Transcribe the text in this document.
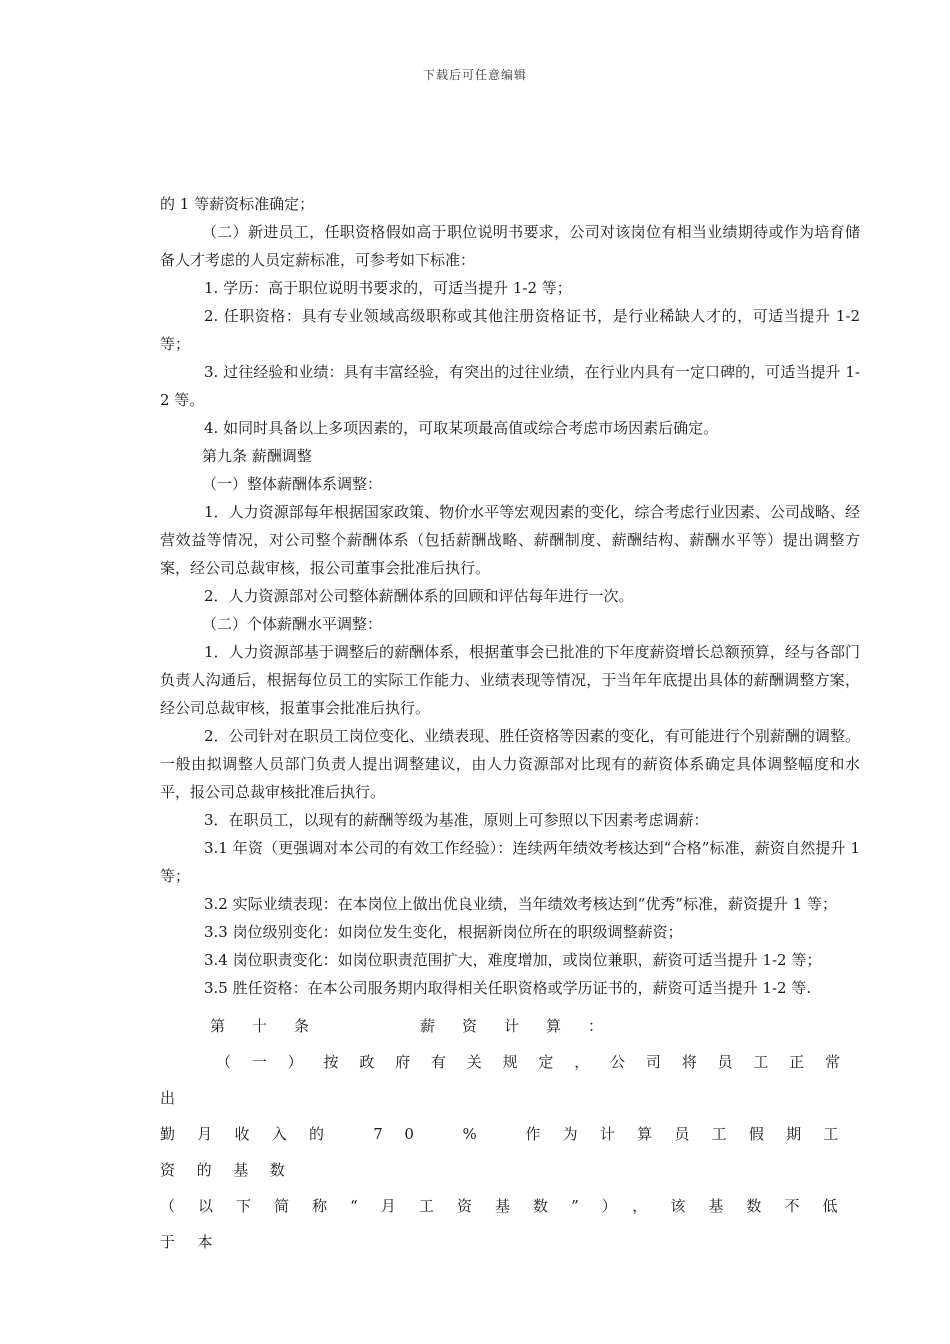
下载后可任意编辑

的 1 等薪资标准确定；

（二）新进员工，任职资格假如高于职位说明书要求，公司对该岗位有相当业绩期待或作为培育储备人才考虑的人员定薪标准，可参考如下标准：

1. 学历：高于职位说明书要求的，可适当提升 1-2 等；

2. 任职资格：具有专业领域高级职称或其他注册资格证书，是行业稀缺人才的，可适当提升 1-2 等；

3. 过往经验和业绩：具有丰富经验，有突出的过往业绩，在行业内具有一定口碑的，可适当提升 1-2 等。

4. 如同时具备以上多项因素的，可取某项最高值或综合考虑市场因素后确定。

第九条 薪酬调整

（一）整体薪酬体系调整：

1．人力资源部每年根据国家政策、物价水平等宏观因素的变化，综合考虑行业因素、公司战略、经营效益等情况，对公司整个薪酬体系（包括薪酬战略、薪酬制度、薪酬结构、薪酬水平等）提出调整方案，经公司总裁审核，报公司董事会批准后执行。

2．人力资源部对公司整体薪酬体系的回顾和评估每年进行一次。

（二）个体薪酬水平调整：

1．人力资源部基于调整后的薪酬体系，根据董事会已批准的下年度薪资增长总额预算，经与各部门负责人沟通后，根据每位员工的实际工作能力、业绩表现等情况，于当年年底提出具体的薪酬调整方案，经公司总裁审核，报董事会批准后执行。

2．公司针对在职员工岗位变化、业绩表现、胜任资格等因素的变化，有可能进行个别薪酬的调整。一般由拟调整人员部门负责人提出调整建议，由人力资源部对比现有的薪资体系确定具体调整幅度和水平，报公司总裁审核批准后执行。

3．在职员工，以现有的薪酬等级为基准，原则上可参照以下因素考虑调薪：

3.1 年资（更强调对本公司的有效工作经验）：连续两年绩效考核达到“合格”标准，薪资自然提升 1 等；

3.2 实际业绩表现：在本岗位上做出优良业绩，当年绩效考核达到“优秀”标准，薪资提升 1 等；

3.3 岗位级别变化：如岗位发生变化，根据新岗位所在的职级调整薪资；

3.4 岗位职责变化：如岗位职责范围扩大，难度增加，或岗位兼职，薪资可适当提升 1-2 等；

3.5 胜任资格：在本公司服务期内取得相关任职资格或学历证书的，薪资可适当提升 1-2 等.

第十条　　薪资计算：

（一）按政府有关规定，公司将员工正常出

勤月收入的 70 % 作为计算员工假期工资的基数

（以下简称“月工资基数”），该基数不低于本
